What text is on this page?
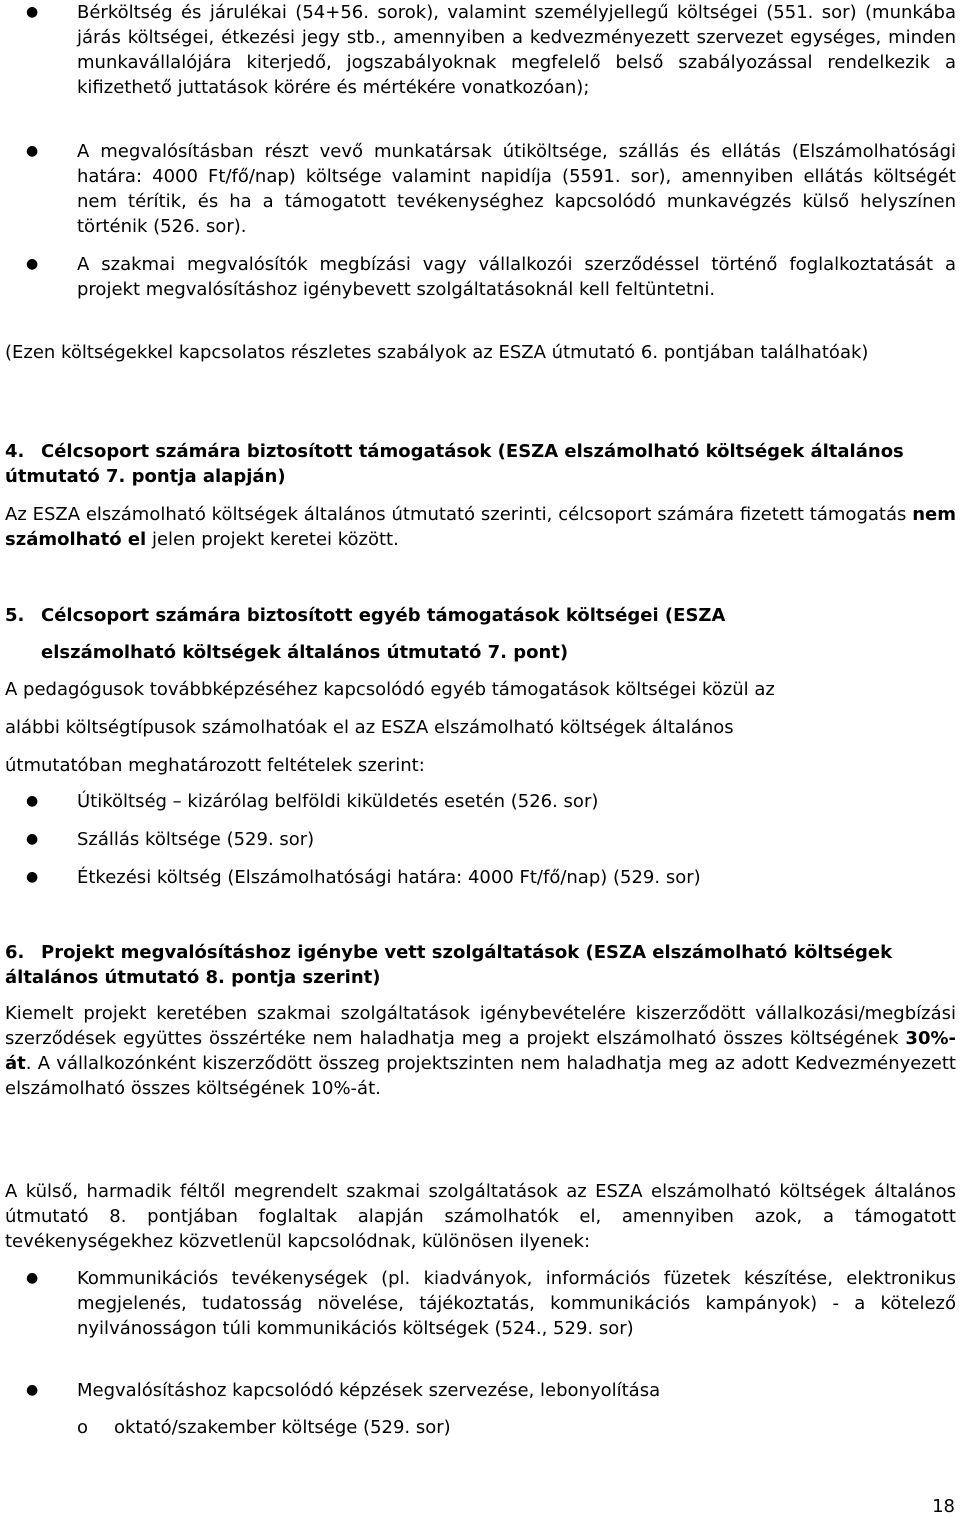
● Bérköltség és járulékai (54+56. sorok), valamint személyjellegű költségei (551. sor) (munkába járás költségei, étkezési jegy stb., amennyiben a kedvezményezett szervezet egységes, minden munkavállalójára kiterjedő, jogszabályoknak megfelelő belső szabályozással rendelkezik a kifizethető juttatások körére és mértékére vonatkozóan);

● A megvalósításban részt vevő munkatársak útiköltsége, szállás és ellátás (Elszámolhatósági határa: 4000 Ft/fő/nap) költsége valamint napidíja (5591. sor), amennyiben ellátás költségét nem térítik, és ha a támogatott tevékenységhez kapcsolódó munkavégzés külső helyszínen történik (526. sor).

● A szakmai megvalósítók megbízási vagy vállalkozói szerződéssel történő foglalkoztatását a projekt megvalósításhoz igénybevett szolgáltatásoknál kell feltüntetni.

(Ezen költségekkel kapcsolatos részletes szabályok az ESZA útmutató 6. pontjában találhatóak)

4. Célcsoport számára biztosított támogatások (ESZA elszámolható költségek általános útmutató 7. pontja alapján)

Az ESZA elszámolható költségek általános útmutató szerinti, célcsoport számára fizetett támogatás nem számolható el jelen projekt keretei között.

5. Célcsoport számára biztosított egyéb támogatások költségei (ESZA

elszámolható költségek általános útmutató 7. pont)

A pedagógusok továbbképzéséhez kapcsolódó egyéb támogatások költségei közül az

alábbi költségtípusok számolhatóak el az ESZA elszámolható költségek általános

útmutatóban meghatározott feltételek szerint:

● Útiköltség – kizárólag belföldi kiküldetés esetén (526. sor)

● Szállás költsége (529. sor)

● Étkezési költség (Elszámolhatósági határa: 4000 Ft/fő/nap) (529. sor)

6. Projekt megvalósításhoz igénybe vett szolgáltatások (ESZA elszámolható költségek általános útmutató 8. pontja szerint)

Kiemelt projekt keretében szakmai szolgáltatások igénybevételére kiszerződött vállalkozási/megbízási szerződések együttes összértéke nem haladhatja meg a projekt elszámolható összes költségének 30%-át. A vállalkozónként kiszerződött összeg projektszinten nem haladhatja meg az adott Kedvezményezett elszámolható összes költségének 10%-át.

A külső, harmadik féltől megrendelt szakmai szolgáltatások az ESZA elszámolható költségek általános útmutató 8. pontjában foglaltak alapján számolhatók el, amennyiben azok, a támogatott tevékenységekhez közvetlenül kapcsolódnak, különösen ilyenek:

● Kommunikációs tevékenységek (pl. kiadványok, információs füzetek készítése, elektronikus megjelenés, tudatosság növelése, tájékoztatás, kommunikációs kampányok) - a kötelező nyilvánosságon túli kommunikációs költségek (524., 529. sor)

● Megvalósításhoz kapcsolódó képzések szervezése, lebonyolítása

o oktató/szakember költsége (529. sor)

18
